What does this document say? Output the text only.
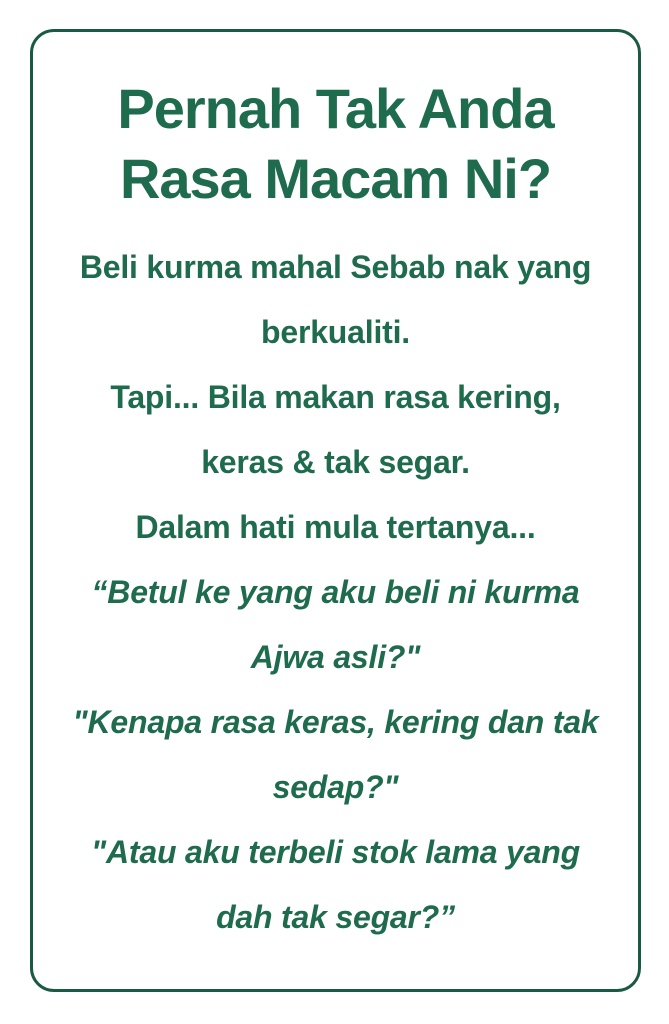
Pernah Tak Anda
Rasa Macam Ni?

Beli kurma mahal Sebab nak yang

berkualiti.

Tapi... Bila makan rasa kering,

keras & tak segar.

Dalam hati mula tertanya...

“Betul ke yang aku beli ni kurma

Ajwa asli?"

"Kenapa rasa keras, kering dan tak

sedap?"

"Atau aku terbeli stok lama yang

dah tak segar?”
